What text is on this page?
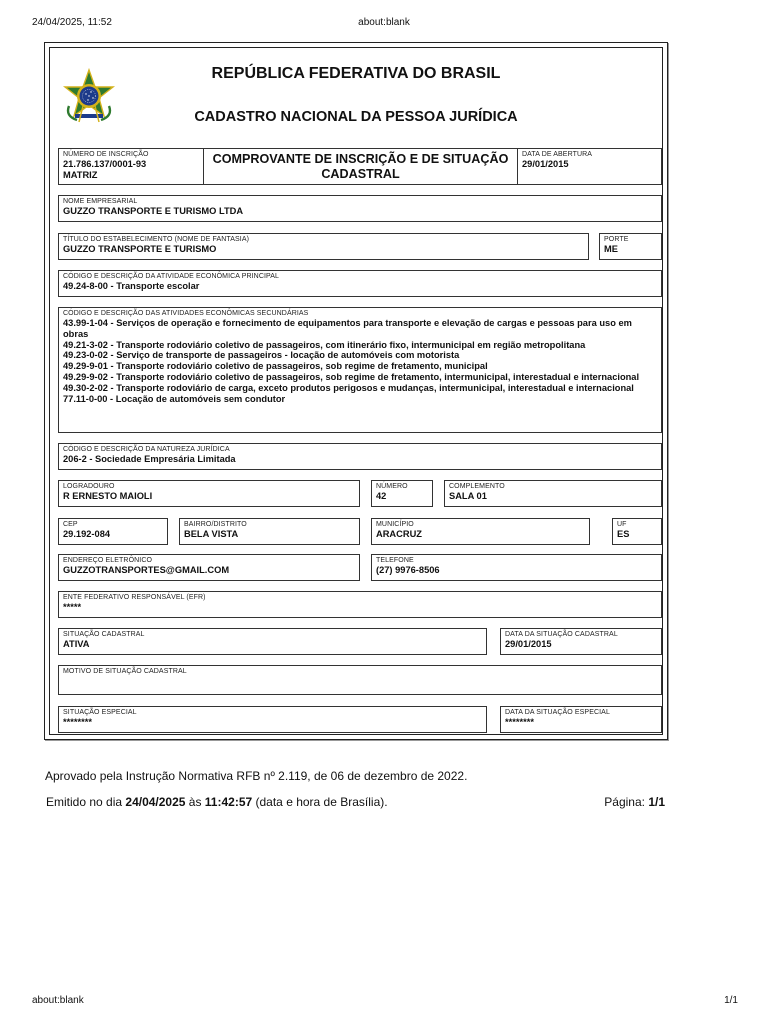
24/04/2025, 11:52	about:blank
REPÚBLICA FEDERATIVA DO BRASIL
CADASTRO NACIONAL DA PESSOA JURÍDICA
NÚMERO DE INSCRIÇÃO
21.786.137/0001-93
MATRIZ
COMPROVANTE DE INSCRIÇÃO E DE SITUAÇÃO
CADASTRAL
DATA DE ABERTURA
29/01/2015
NOME EMPRESARIAL
GUZZO TRANSPORTE E TURISMO LTDA
TÍTULO DO ESTABELECIMENTO (NOME DE FANTASIA)
GUZZO TRANSPORTE E TURISMO
PORTE
ME
CÓDIGO E DESCRIÇÃO DA ATIVIDADE ECONÔMICA PRINCIPAL
49.24-8-00 - Transporte escolar
CÓDIGO E DESCRIÇÃO DAS ATIVIDADES ECONÔMICAS SECUNDÁRIAS
43.99-1-04 - Serviços de operação e fornecimento de equipamentos para transporte e elevação de cargas e pessoas para uso em obras
49.21-3-02 - Transporte rodoviário coletivo de passageiros, com itinerário fixo, intermunicipal em região metropolitana
49.23-0-02 - Serviço de transporte de passageiros - locação de automóveis com motorista
49.29-9-01 - Transporte rodoviário coletivo de passageiros, sob regime de fretamento, municipal
49.29-9-02 - Transporte rodoviário coletivo de passageiros, sob regime de fretamento, intermunicipal, interestadual e internacional
49.30-2-02 - Transporte rodoviário de carga, exceto produtos perigosos e mudanças, intermunicipal, interestadual e internacional
77.11-0-00 - Locação de automóveis sem condutor
CÓDIGO E DESCRIÇÃO DA NATUREZA JURÍDICA
206-2 - Sociedade Empresária Limitada
LOGRADOURO
R ERNESTO MAIOLI
NÚMERO
42
COMPLEMENTO
SALA 01
CEP
29.192-084
BAIRRO/DISTRITO
BELA VISTA
MUNICÍPIO
ARACRUZ
UF
ES
ENDEREÇO ELETRÔNICO
GUZZOTRANSPORTES@GMAIL.COM
TELEFONE
(27) 9976-8506
ENTE FEDERATIVO RESPONSÁVEL (EFR)
*****
SITUAÇÃO CADASTRAL
ATIVA
DATA DA SITUAÇÃO CADASTRAL
29/01/2015
MOTIVO DE SITUAÇÃO CADASTRAL
SITUAÇÃO ESPECIAL
********
DATA DA SITUAÇÃO ESPECIAL
********
Aprovado pela Instrução Normativa RFB nº 2.119, de 06 de dezembro de 2022.
Emitido no dia 24/04/2025 às 11:42:57 (data e hora de Brasília).	Página: 1/1
about:blank	1/1
